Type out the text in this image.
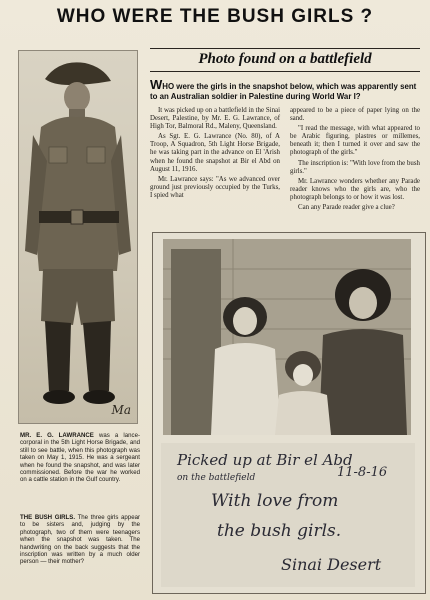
WHO WERE THE BUSH GIRLS ?
Ma
MR. E. G. LAWRANCE was a lance-corporal in the 5th Light Horse Brigade, and still to see battle, when this photograph was taken on May 1, 1915. He was a sergeant when he found the snapshot, and was later commissioned. Before the war he worked on a cattle station in the Gulf country.
THE BUSH GIRLS. The three girls appear to be sisters and, judging by the photograph, two of them were teenagers when the snapshot was taken. The handwriting on the back suggests that the inscription was written by a much older person — their mother?
Photo found on a battlefield
WHO were the girls in the snapshot below, which was apparently sent to an Australian soldier in Palestine during World War I?

It was picked up on a battlefield in the Sinai Desert, Palestine, by Mr. E. G. Lawrance, of High Tor, Balmoral Rd., Maleny, Queensland.

As Sgt. E. G. Lawrance (No. 80), of A Troop, A Squadron, 5th Light Horse Brigade, he was taking part in the advance on El 'Arish when he found the snapshot at Bir el Abd on August 11, 1916.

Mr. Lawrance says: "As we advanced over ground just previously occupied by the Turks, I spied what

appeared to be a piece of paper lying on the sand.

"I read the message, with what appeared to be Arabic figuring, plastres or millemes, beneath it; then I turned it over and saw the photograph of the girls."

The inscription is: "With love from the bush girls."

Mr. Lawrance wonders whether any Parade reader knows who the girls are, who the photograph belongs to or how it was lost.

Can any Parade reader give a clue?

Picked up at Bir el Abd
on the battlefield	11-8-16
With love from
the bush girls.
Sinai Desert
